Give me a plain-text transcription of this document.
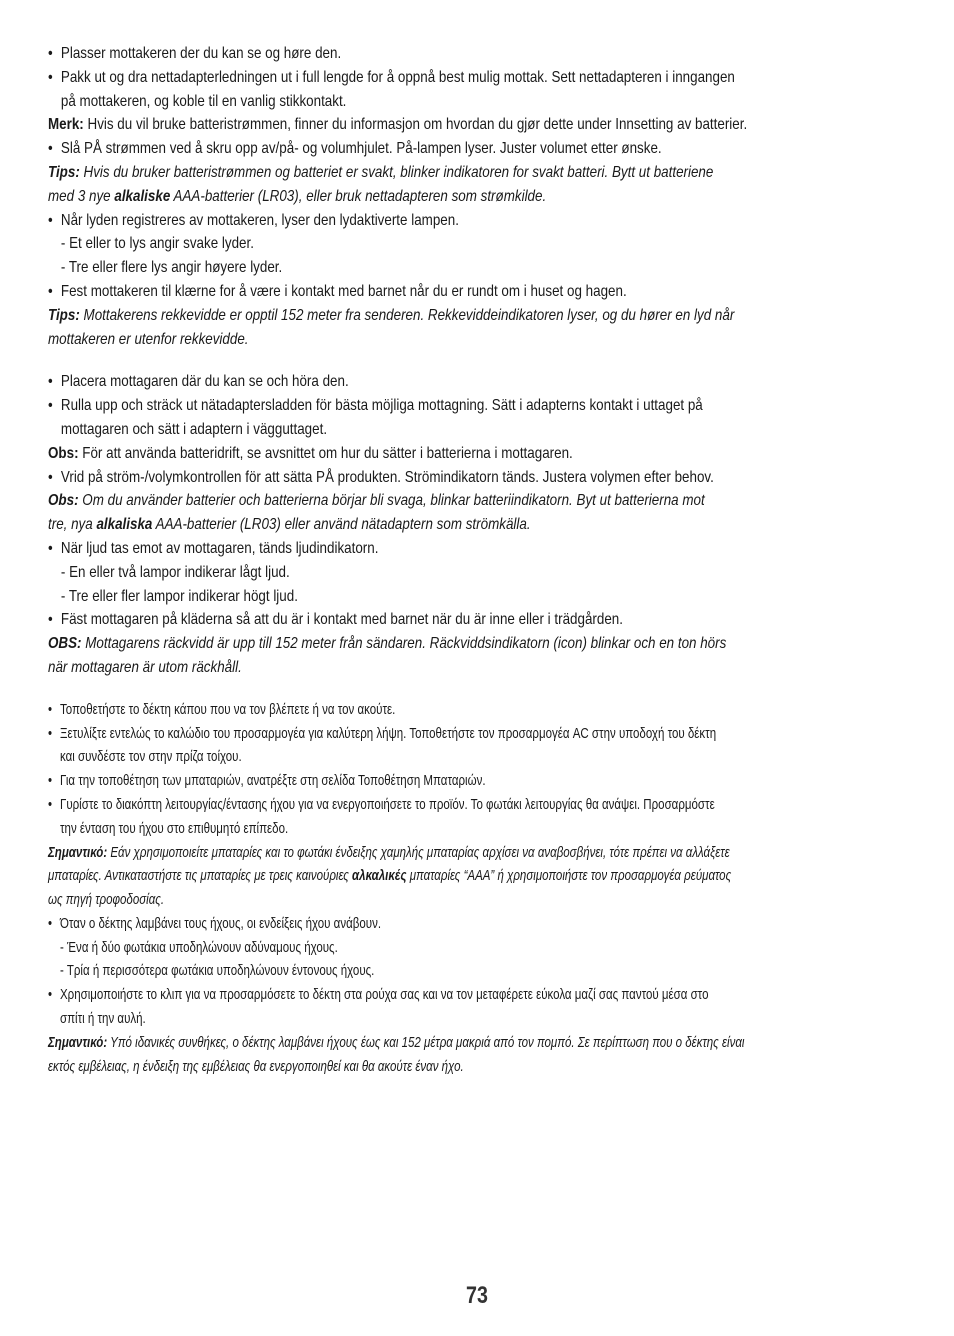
• Plasser mottakeren der du kan se og høre den.

• Pakk ut og dra nettadapterledningen ut i full lengde for å oppnå best mulig mottak. Sett nettadapteren i inngangen

på mottakeren, og koble til en vanlig stikkontakt.

Merk: Hvis du vil bruke batteristrømmen, finner du informasjon om hvordan du gjør dette under Innsetting av batterier.

• Slå PÅ strømmen ved å skru opp av/på- og volumhjulet. På-lampen lyser. Juster volumet etter ønske.

Tips: Hvis du bruker batteristrømmen og batteriet er svakt, blinker indikatoren for svakt batteri. Bytt ut batteriene

med 3 nye alkaliske AAA-batterier (LR03), eller bruk nettadapteren som strømkilde.

• Når lyden registreres av mottakeren, lyser den lydaktiverte lampen.

- Et eller to lys angir svake lyder.

- Tre eller flere lys angir høyere lyder.

• Fest mottakeren til klærne for å være i kontakt med barnet når du er rundt om i huset og hagen.

Tips: Mottakerens rekkevidde er opptil 152 meter fra senderen. Rekkeviddeindikatoren lyser, og du hører en lyd når

mottakeren er utenfor rekkevidde.

• Placera mottagaren där du kan se och höra den.

• Rulla upp och sträck ut nätadaptersladden för bästa möjliga mottagning. Sätt i adapterns kontakt i uttaget på

mottagaren och sätt i adaptern i vägguttaget.

Obs: För att använda batteridrift, se avsnittet om hur du sätter i batterierna i mottagaren.

• Vrid på ström-/volymkontrollen för att sätta PÅ produkten. Strömindikatorn tänds. Justera volymen efter behov.

Obs: Om du använder batterier och batterierna börjar bli svaga, blinkar batteriindikatorn. Byt ut batterierna mot

tre, nya alkaliska AAA-batterier (LR03) eller använd nätadaptern som strömkälla.

• När ljud tas emot av mottagaren, tänds ljudindikatorn.

- En eller två lampor indikerar lågt ljud.

- Tre eller fler lampor indikerar högt ljud.

• Fäst mottagaren på kläderna så att du är i kontakt med barnet när du är inne eller i trädgården.

OBS: Mottagarens räckvidd är upp till 152 meter från sändaren. Räckviddsindikatorn (icon) blinkar och en ton hörs

när mottagaren är utom räckhåll.

• Τοποθετήστε το δέκτη κάπου που να τον βλέπετε ή να τον ακούτε.

• Ξετυλίξτε εντελώς το καλώδιο του προσαρμογέα για καλύτερη λήψη. Τοποθετήστε τον προσαρμογέα AC στην υποδοχή του δέκτη

και συνδέστε τον στην πρίζα τοίχου.

• Για την τοποθέτηση των μπαταριών, ανατρέξτε στη σελίδα Τοποθέτηση Μπαταριών.

• Γυρίστε το διακόπτη λειτουργίας/έντασης ήχου για να ενεργοποιήσετε το προϊόν. Το φωτάκι λειτουργίας θα ανάψει. Προσαρμόστε

την ένταση του ήχου στο επιθυμητό επίπεδο.

Σημαντικό: Εάν χρησιμοποιείτε μπαταρίες και το φωτάκι ένδειξης χαμηλής μπαταρίας αρχίσει να αναβοσβήνει, τότε πρέπει να αλλάξετε

μπαταρίες. Αντικαταστήστε τις μπαταρίες με τρεις καινούριες αλκαλικές μπαταρίες “AAA” ή χρησιμοποιήστε τον προσαρμογέα ρεύματος

ως πηγή τροφοδοσίας.

• Όταν ο δέκτης λαμβάνει τους ήχους, οι ενδείξεις ήχου ανάβουν.

- Ένα ή δύο φωτάκια υποδηλώνουν αδύναμους ήχους.

- Τρία ή περισσότερα φωτάκια υποδηλώνουν έντονους ήχους.

• Χρησιμοποιήστε το κλιπ για να προσαρμόσετε το δέκτη στα ρούχα σας και να τον μεταφέρετε εύκολα μαζί σας παντού μέσα στο

σπίτι ή την αυλή.

Σημαντικό: Υπό ιδανικές συνθήκες, ο δέκτης λαμβάνει ήχους έως και 152 μέτρα μακριά από τον πομπό. Σε περίπτωση που ο δέκτης είναι

εκτός εμβέλειας, η ένδειξη της εμβέλειας θα ενεργοποιηθεί και θα ακούτε έναν ήχο.

73
